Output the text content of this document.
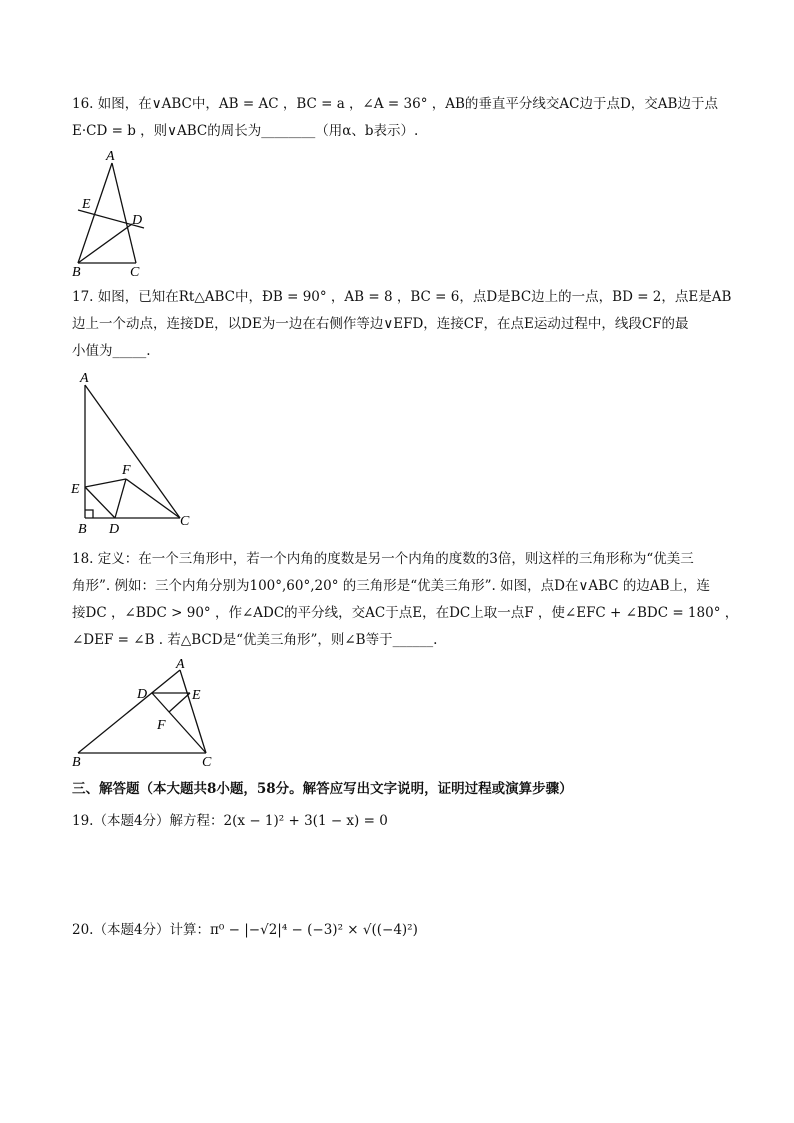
16. 如图，在∨ABC中，AB = AC ，BC = a ，∠A = 36° ，AB的垂直平分线交AC边于点D，交AB边于点
E·CD = b ，则∨ABC的周长为________（用α、b表示）.
A
E
D
B	C
17. 如图，已知在Rt△ABC中，ÐB = 90° ，AB = 8 ，BC = 6，点D是BC边上的一点，BD = 2，点E是AB
边上一个动点，连接DE，以DE为一边在右侧作等边∨EFD，连接CF，在点E运动过程中，线段CF的最
小值为_____.
A
F
E
B D
C
18. 定义：在一个三角形中，若一个内角的度数是另一个内角的度数的3倍，则这样的三角形称为“优美三
角形”. 例如：三个内角分别为100°,60°,20° 的三角形是“优美三角形”. 如图，点D在∨ABC 的边AB上，连
接DC ，∠BDC > 90° ，作∠ADC的平分线，交AC于点E，在DC上取一点F ，使∠EFC + ∠BDC = 180° ，
∠DEF = ∠B . 若△BCD是“优美三角形”，则∠B等于______.
A
D	E
F
B	C
三、解答题（本大题共8小题，58分。解答应写出文字说明，证明过程或演算步骤）
19.（本题4分）解方程：2(x − 1)² + 3(1 − x) = 0
20.（本题4分）计算：π⁰ − |−√2|⁴ − (−3)² × √((−4)²)
